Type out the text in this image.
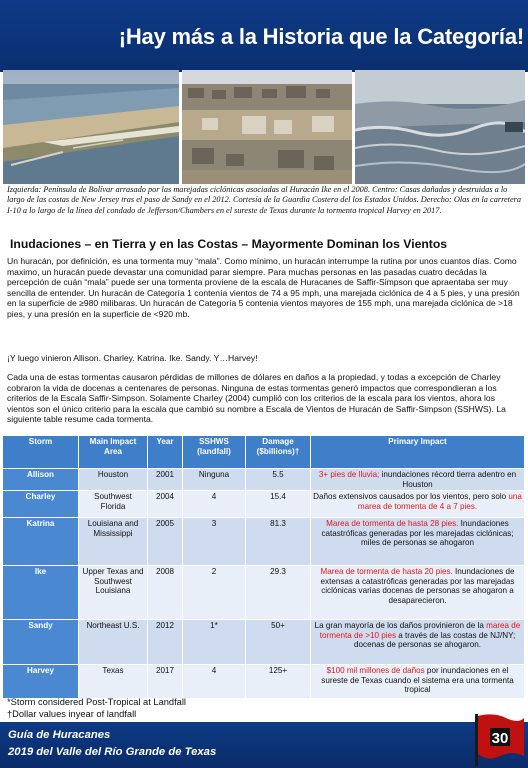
¡Hay más a la Historia que la Categoría!
Izquierda: Península de Bolívar arrasado por las marejadas ciclónicas asociadas al Huracán Ike en el 2008. Centro: Casas dañadas y destruidas a lo largo de las costas de New Jersey tras el paso de Sandy en el 2012. Cortesía de la Guardia Costera del los Estados Unidos. Derecho: Olas en la carretera I-10 a lo largo de la línea del condado de Jefferson/Chambers en el sureste de Texas durante la tormenta tropical Harvey en 2017.
Inudaciones – en Tierra y en las Costas – Mayormente Dominan los Vientos
Un huracán, por definición, es una tormenta muy “mala”. Como mínimo, un huracán interrumpe la rutina por unos cuantos días. Como maximo, un huracán puede devastar una comunidad parar siempre. Para muchas personas en las pasadas cuatro decádas la percepción de cuán “mala” puede ser una tormenta proviene de la escala de Huracanes de Saffir-Simpson que apraentaba ser muy sencilla de entender. Un huracán de Categoría 1 contenía vientos de 74 a 95 mph, una marejada ciclónica de 4 a 5 pies, y una presión en la superficie de ≥980 milibaras. Un huracán de Categoría 5 contenia vientos mayores de 155 mph, una marejada ciclónica de >18 pies, y una presión en la superficie de <920 mb.
¡Y luego vinieron Allison. Charley. Katrina. Ike. Sandy. Y…Harvey!
Cada una de estas tormentas causaron pérdidas de millones de dólares en daños a la propiedad, y todas a excepción de Charley cobraron la vida de docenas a centenares de personas. Ninguna de estas tormentas generó impactos que correspondieran a los criterios de la Escala Saffir-Simpson. Solamente Charley (2004) cumplió con los criterios de la escala para los vientos, ahora los vientos son el único criterio para la escala que cambió su nombre a Escala de Vientos de Huracán de Saffir-Simpson (SSHWS). La siguiente table resume cada tormenta.
Storm	Main Impact Area	Year	SSHWS (landfall)	Damage ($billions)†	Primary Impact
Allison	Houston	2001	Ninguna	5.5	3+ pies de lluvia; inundaciones récord tierra adentro en Houston
Charley	Southwest Florida	2004	4	15.4	Daños extensivos causados por los vientos, pero solo una marea de tormenta de 4 a 7 pies.
Katrina	Louisiana and Mississippi	2005	3	81.3	Marea de tormenta de hasta 28 pies. Inundaciones catastróficas generadas por les marejadas ciclónicas; miles de personas se ahogaron
Ike	Upper Texas and Southwest Louisiana	2008	2	29.3	Marea de tormenta de hasta 20 pies. Inundaciones de extensas a catastróficas generadas por las marejadas ciclónicas varias docenas de personas se ahogaron a desaparecieron.
Sandy	Northeast U.S.	2012	1*	50+	La gran mayoría de los daños provinieron de la marea de tormenta de >10 pies a través de las costas de NJ/NY; docenas de personas se ahogaron.
Harvey	Texas	2017	4	125+	$100 mil millones de daños por inundaciones en el sureste de Texas cuando el sistema era una tormenta tropical
*Storm considered Post-Tropical at Landfall
†Dollar values inyear of landfall
Guía de Huracanes
2019 del Valle del Río Grande de Texas
30
